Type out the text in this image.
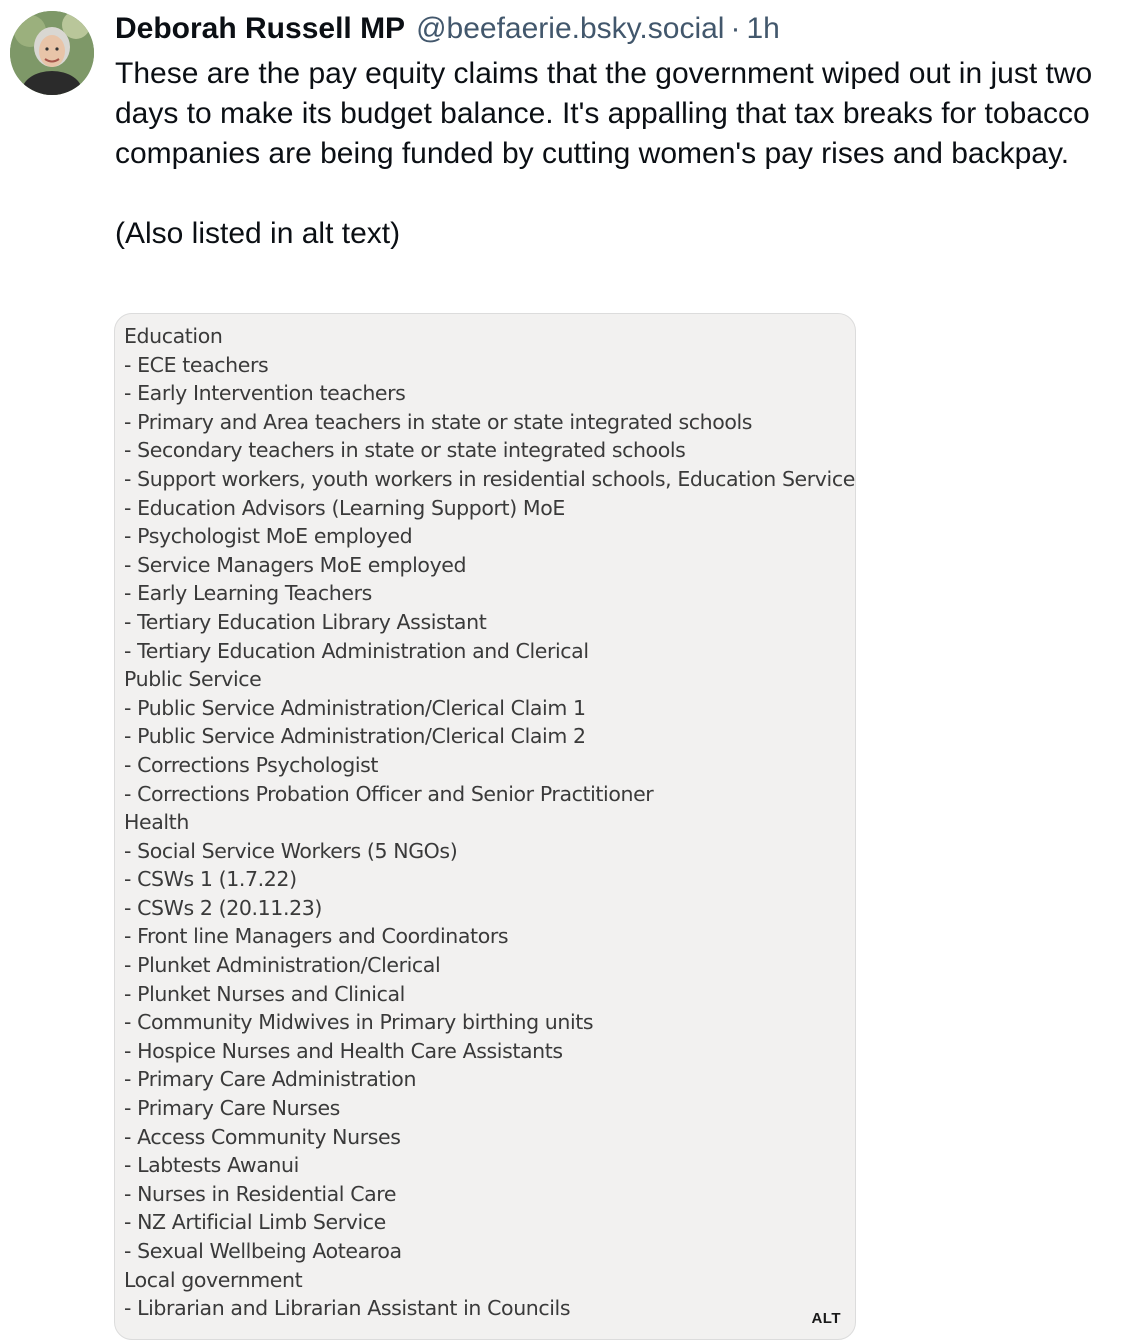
Deborah Russell MP @beefaerie.bsky.social · 1h

These are the pay equity claims that the government wiped out in just two days to make its budget balance. It's appalling that tax breaks for tobacco companies are being funded by cutting women's pay rises and backpay.

(Also listed in alt text)

Education
- ECE teachers
- Early Intervention teachers
- Primary and Area teachers in state or state integrated schools
- Secondary teachers in state or state integrated schools
- Support workers, youth workers in residential schools, Education Service
- Education Advisors (Learning Support) MoE
- Psychologist MoE employed
- Service Managers MoE employed
- Early Learning Teachers
- Tertiary Education Library Assistant
- Tertiary Education Administration and Clerical
Public Service
- Public Service Administration/Clerical Claim 1
- Public Service Administration/Clerical Claim 2
- Corrections Psychologist
- Corrections Probation Officer and Senior Practitioner
Health
- Social Service Workers (5 NGOs)
- CSWs 1 (1.7.22)
- CSWs 2 (20.11.23)
- Front line Managers and Coordinators
- Plunket Administration/Clerical
- Plunket Nurses and Clinical
- Community Midwives in Primary birthing units
- Hospice Nurses and Health Care Assistants
- Primary Care Administration
- Primary Care Nurses
- Access Community Nurses
- Labtests Awanui
- Nurses in Residential Care
- NZ Artificial Limb Service
- Sexual Wellbeing Aotearoa
Local government
- Librarian and Librarian Assistant in Councils	ALT
